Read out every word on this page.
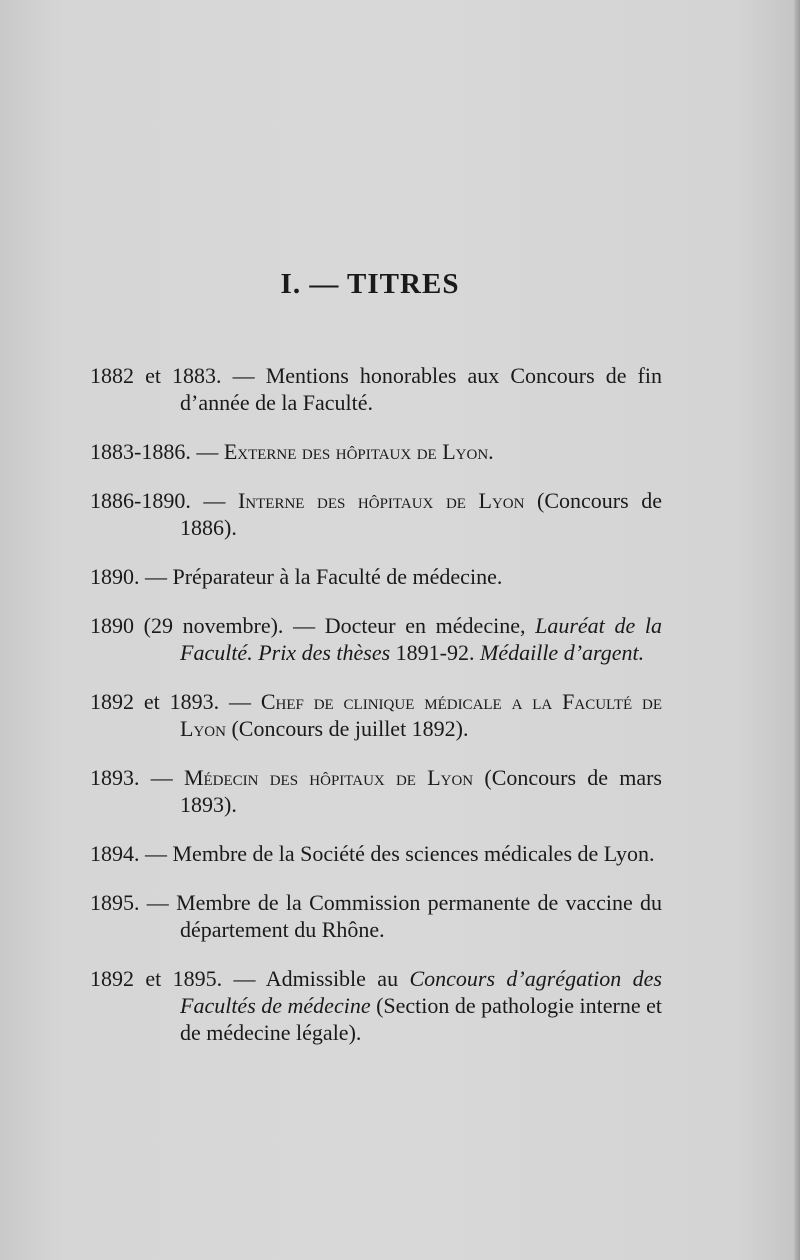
I. — TITRES

1882 et 1883. — Mentions honorables aux Concours de fin d’année de la Faculté.

1883-1886. — Externe des hôpitaux de Lyon.

1886-1890. — Interne des hôpitaux de Lyon (Concours de 1886).

1890. — Préparateur à la Faculté de médecine.

1890 (29 novembre). — Docteur en médecine, Lauréat de la Faculté. Prix des thèses 1891-92. Médaille d’argent.

1892 et 1893. — Chef de clinique médicale a la Faculté de Lyon (Concours de juillet 1892).

1893. — Médecin des hôpitaux de Lyon (Concours de mars 1893).

1894. — Membre de la Société des sciences médicales de Lyon.

1895. — Membre de la Commission permanente de vaccine du département du Rhône.

1892 et 1895. — Admissible au Concours d’agrégation des Facultés de médecine (Section de pathologie interne et de médecine légale).
